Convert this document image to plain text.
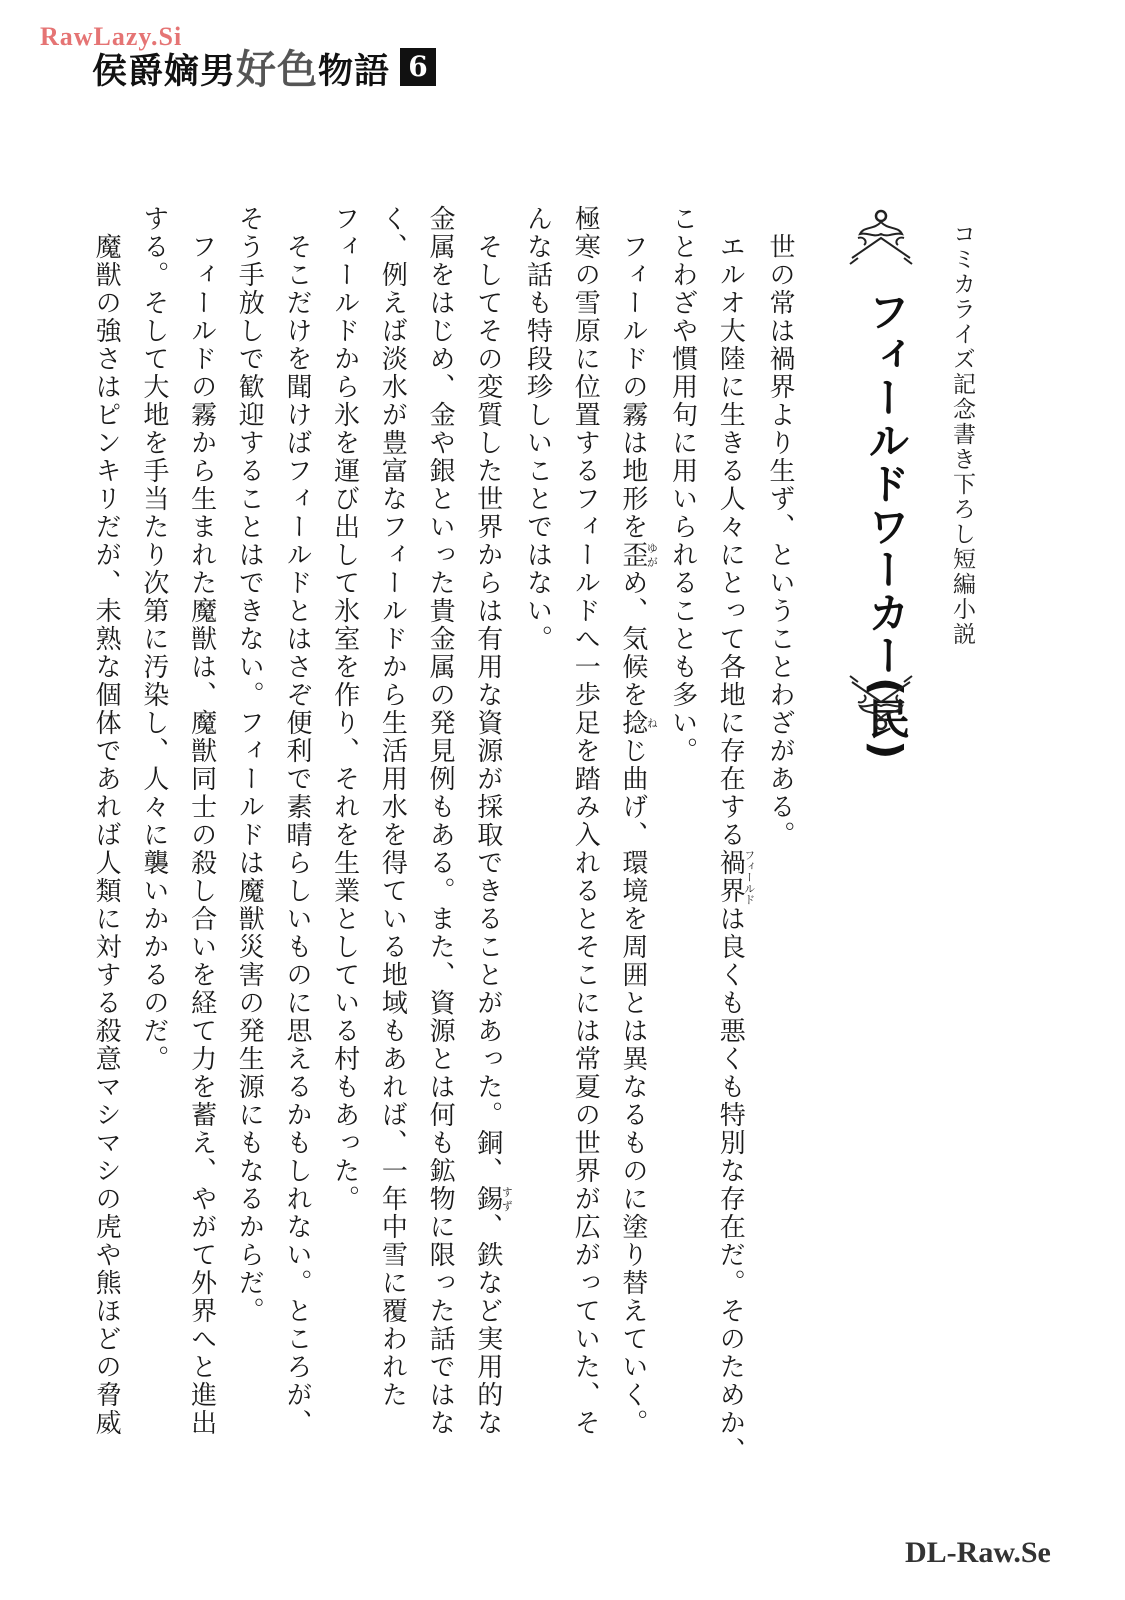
RawLazy.Si
侯爵嫡男好色物語 6
コミカライズ記念書き下ろし短編小説
フィールドワーカー(民)
　世の常は禍界より生ず、ということわざがある。
　エルオ大陸に生きる人々にとって各地に存在する禍界フィールドは良くも悪くも特別な存在だ。そのためか、
ことわざや慣用句に用いられることも多い。
　フィールドの霧は地形を歪ゆがめ、気候を捻ねじ曲げ、環境を周囲とは異なるものに塗り替えていく。
極寒の雪原に位置するフィールドへ一歩足を踏み入れるとそこには常夏の世界が広がっていた、そ
んな話も特段珍しいことではない。
　そしてその変質した世界からは有用な資源が採取できることがあった。銅、錫すず、鉄など実用的な
金属をはじめ、金や銀といった貴金属の発見例もある。また、資源とは何も鉱物に限った話ではな
く、例えば淡水が豊富なフィールドから生活用水を得ている地域もあれば、一年中雪に覆われた
フィールドから氷を運び出して氷室を作り、それを生業としている村もあった。
　そこだけを聞けばフィールドとはさぞ便利で素晴らしいものに思えるかもしれない。ところが、
そう手放しで歓迎することはできない。フィールドは魔獣災害の発生源にもなるからだ。
　フィールドの霧から生まれた魔獣は、魔獣同士の殺し合いを経て力を蓄え、やがて外界へと進出
する。そして大地を手当たり次第に汚染し、人々に襲いかかるのだ。
　魔獣の強さはピンキリだが、未熟な個体であれば人類に対する殺意マシマシの虎や熊ほどの脅威
DL-Raw.Se
